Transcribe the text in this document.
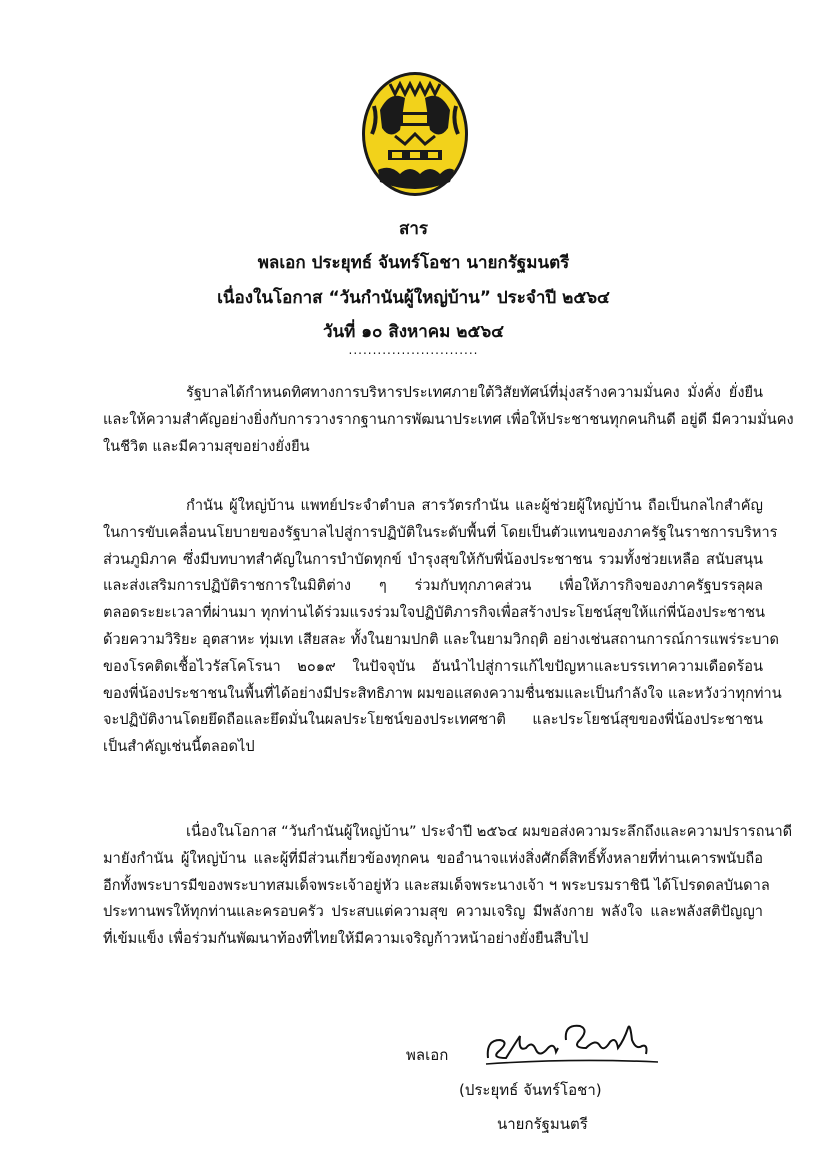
สาร
พลเอก ประยุทธ์ จันทร์โอชา นายกรัฐมนตรี
เนื่องในโอกาส “วันกำนันผู้ใหญ่บ้าน” ประจำปี ๒๕๖๔
วันที่ ๑๐ สิงหาคม ๒๕๖๔
...........................
รัฐบาลได้กำหนดทิศทางการบริหารประเทศภายใต้วิสัยทัศน์ที่มุ่งสร้างความมั่นคง มั่งคั่ง ยั่งยืน
และให้ความสำคัญอย่างยิ่งกับการวางรากฐานการพัฒนาประเทศ เพื่อให้ประชาชนทุกคนกินดี อยู่ดี มีความมั่นคง
ในชีวิต และมีความสุขอย่างยั่งยืน
กำนัน ผู้ใหญ่บ้าน แพทย์ประจำตำบล สารวัตรกำนัน และผู้ช่วยผู้ใหญ่บ้าน ถือเป็นกลไกสำคัญ
ในการขับเคลื่อนนโยบายของรัฐบาลไปสู่การปฏิบัติในระดับพื้นที่ โดยเป็นตัวแทนของภาครัฐในราชการบริหาร
ส่วนภูมิภาค ซึ่งมีบทบาทสำคัญในการบำบัดทุกข์ บำรุงสุขให้กับพี่น้องประชาชน รวมทั้งช่วยเหลือ สนับสนุน
และส่งเสริมการปฏิบัติราชการในมิติต่าง ๆ ร่วมกับทุกภาคส่วน เพื่อให้ภารกิจของภาครัฐบรรลุผล
ตลอดระยะเวลาที่ผ่านมา ทุกท่านได้ร่วมแรงร่วมใจปฏิบัติภารกิจเพื่อสร้างประโยชน์สุขให้แก่พี่น้องประชาชน
ด้วยความวิริยะ อุตสาหะ ทุ่มเท เสียสละ ทั้งในยามปกติ และในยามวิกฤติ อย่างเช่นสถานการณ์การแพร่ระบาด
ของโรคติดเชื้อไวรัสโคโรนา ๒๐๑๙ ในปัจจุบัน อันนำไปสู่การแก้ไขปัญหาและบรรเทาความเดือดร้อน
ของพี่น้องประชาชนในพื้นที่ได้อย่างมีประสิทธิภาพ ผมขอแสดงความชื่นชมและเป็นกำลังใจ และหวังว่าทุกท่าน
จะปฏิบัติงานโดยยึดถือและยึดมั่นในผลประโยชน์ของประเทศชาติ และประโยชน์สุขของพี่น้องประชาชน
เป็นสำคัญเช่นนี้ตลอดไป
เนื่องในโอกาส “วันกำนันผู้ใหญ่บ้าน” ประจำปี ๒๕๖๔ ผมขอส่งความระลึกถึงและความปรารถนาดี
มายังกำนัน ผู้ใหญ่บ้าน และผู้ที่มีส่วนเกี่ยวข้องทุกคน ขออำนาจแห่งสิ่งศักดิ์สิทธิ์ทั้งหลายที่ท่านเคารพนับถือ
อีกทั้งพระบารมีของพระบาทสมเด็จพระเจ้าอยู่หัว และสมเด็จพระนางเจ้า ฯ พระบรมราชินี ได้โปรดดลบันดาล
ประทานพรให้ทุกท่านและครอบครัว ประสบแต่ความสุข ความเจริญ มีพลังกาย พลังใจ และพลังสติปัญญา
ที่เข้มแข็ง เพื่อร่วมกันพัฒนาท้องที่ไทยให้มีความเจริญก้าวหน้าอย่างยั่งยืนสืบไป
พลเอก
(ประยุทธ์ จันทร์โอชา)
นายกรัฐมนตรี
